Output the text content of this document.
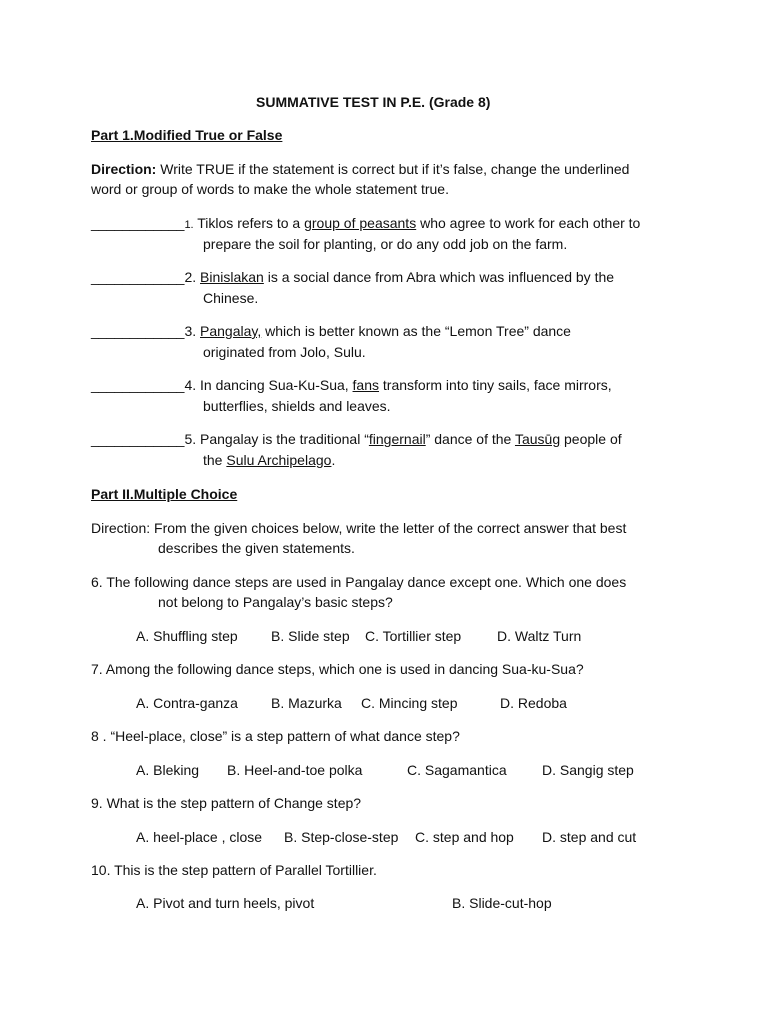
SUMMATIVE TEST IN P.E. (Grade 8)
Part 1.Modified True or False
Direction: Write TRUE if the statement is correct but if it’s false, change the underlined
word or group of words to make the whole statement true.
____________1. Tiklos refers to a group of peasants who agree to work for each other to
prepare the soil for planting, or do any odd job on the farm.
____________2. Binislakan is a social dance from Abra which was influenced by the
Chinese.
____________3. Pangalay, which is better known as the “Lemon Tree” dance
originated from Jolo, Sulu.
____________4. In dancing Sua-Ku-Sua, fans transform into tiny sails, face mirrors,
butterflies, shields and leaves.
____________5. Pangalay is the traditional “fingernail” dance of the Tausūg people of
the Sulu Archipelago.
Part II.Multiple Choice
Direction: From the given choices below, write the letter of the correct answer that best
describes the given statements.
6. The following dance steps are used in Pangalay dance except one. Which one does
not belong to Pangalay’s basic steps?
A. Shuffling step B. Slide step C. Tortillier step	D. Waltz Turn
7. Among the following dance steps, which one is used in dancing Sua-ku-Sua?
A. Contra-ganza B. Mazurka C. Mincing step	D. Redoba
8 . “Heel-place, close” is a step pattern of what dance step?
A. Bleking B. Heel-and-toe polka	C. Sagamantica	D. Sangig step
9. What is the step pattern of Change step?
A. heel-place , close B. Step-close-step C. step and hop D. step and cut
10. This is the step pattern of Parallel Tortillier.
A. Pivot and turn heels, pivot	B. Slide-cut-hop
